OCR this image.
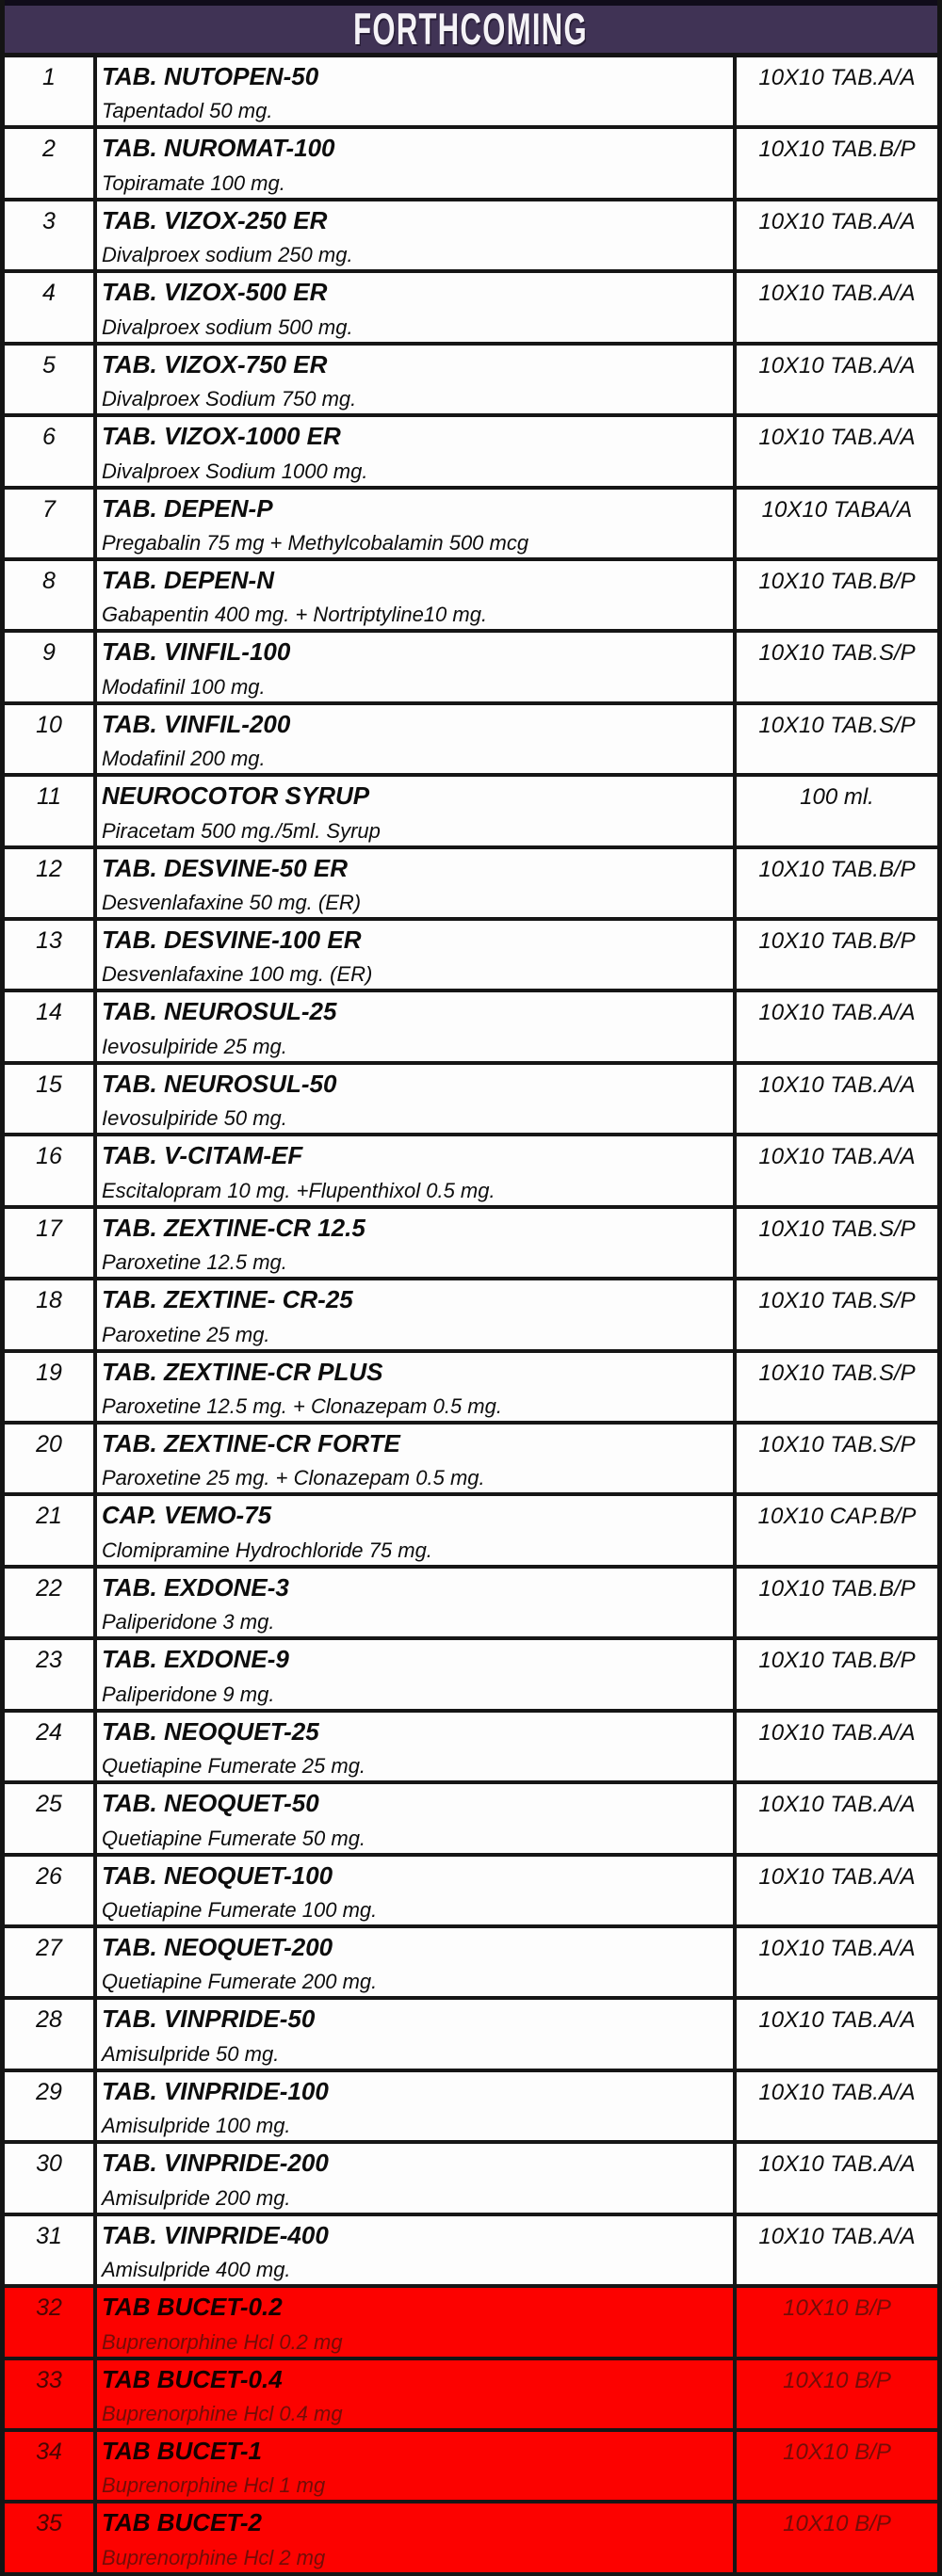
FORTHCOMING
1	TAB. NUTOPEN-50
Tapentadol 50 mg.
10X10 TAB.A/A
2	TAB. NUROMAT-100
Topiramate 100 mg.
10X10 TAB.B/P
3	TAB. VIZOX-250 ER
Divalproex sodium 250 mg.
10X10 TAB.A/A
4	TAB. VIZOX-500 ER
Divalproex sodium 500 mg.
10X10 TAB.A/A
5	TAB. VIZOX-750 ER
Divalproex Sodium 750 mg.
10X10 TAB.A/A
6	TAB. VIZOX-1000 ER
Divalproex Sodium 1000 mg.
10X10 TAB.A/A
7	TAB. DEPEN-P
Pregabalin 75 mg + Methylcobalamin 500 mcg
10X10 TABA/A
8	TAB. DEPEN-N
Gabapentin 400 mg. + Nortriptyline10 mg.
10X10 TAB.B/P
9	TAB. VINFIL-100
Modafinil 100 mg.
10X10 TAB.S/P
10	TAB. VINFIL-200
Modafinil 200 mg.
10X10 TAB.S/P
11	NEUROCOTOR SYRUP
Piracetam 500 mg./5ml. Syrup
100 ml.
12	TAB. DESVINE-50 ER
Desvenlafaxine 50 mg. (ER)
10X10 TAB.B/P
13	TAB. DESVINE-100 ER
Desvenlafaxine 100 mg. (ER)
10X10 TAB.B/P
14	TAB. NEUROSUL-25
Ievosulpiride 25 mg.
10X10 TAB.A/A
15	TAB. NEUROSUL-50
Ievosulpiride 50 mg.
10X10 TAB.A/A
16	TAB. V-CITAM-EF
Escitalopram 10 mg. +Flupenthixol 0.5 mg.
10X10 TAB.A/A
17	TAB. ZEXTINE-CR 12.5
Paroxetine 12.5 mg.
10X10 TAB.S/P
18	TAB. ZEXTINE- CR-25
Paroxetine 25 mg.
10X10 TAB.S/P
19	TAB. ZEXTINE-CR PLUS
Paroxetine 12.5 mg. + Clonazepam 0.5 mg.
10X10 TAB.S/P
20	TAB. ZEXTINE-CR FORTE
Paroxetine 25 mg. + Clonazepam 0.5 mg.
10X10 TAB.S/P
21	CAP. VEMO-75
Clomipramine Hydrochloride 75 mg.
10X10 CAP.B/P
22	TAB. EXDONE-3
Paliperidone 3 mg.
10X10 TAB.B/P
23	TAB. EXDONE-9
Paliperidone 9 mg.
10X10 TAB.B/P
24	TAB. NEOQUET-25
Quetiapine Fumerate 25 mg.
10X10 TAB.A/A
25	TAB. NEOQUET-50
Quetiapine Fumerate 50 mg.
10X10 TAB.A/A
26	TAB. NEOQUET-100
Quetiapine Fumerate 100 mg.
10X10 TAB.A/A
27	TAB. NEOQUET-200
Quetiapine Fumerate 200 mg.
10X10 TAB.A/A
28	TAB. VINPRIDE-50
Amisulpride 50 mg.
10X10 TAB.A/A
29	TAB. VINPRIDE-100
Amisulpride 100 mg.
10X10 TAB.A/A
30	TAB. VINPRIDE-200
Amisulpride 200 mg.
10X10 TAB.A/A
31	TAB. VINPRIDE-400
Amisulpride 400 mg.
10X10 TAB.A/A
32	TAB BUCET-0.2
Buprenorphine Hcl 0.2 mg
10X10 B/P
33	TAB BUCET-0.4
Buprenorphine Hcl 0.4 mg
10X10 B/P
34	TAB BUCET-1
Buprenorphine Hcl 1 mg
10X10 B/P
35	TAB BUCET-2
Buprenorphine Hcl 2 mg
10X10 B/P
